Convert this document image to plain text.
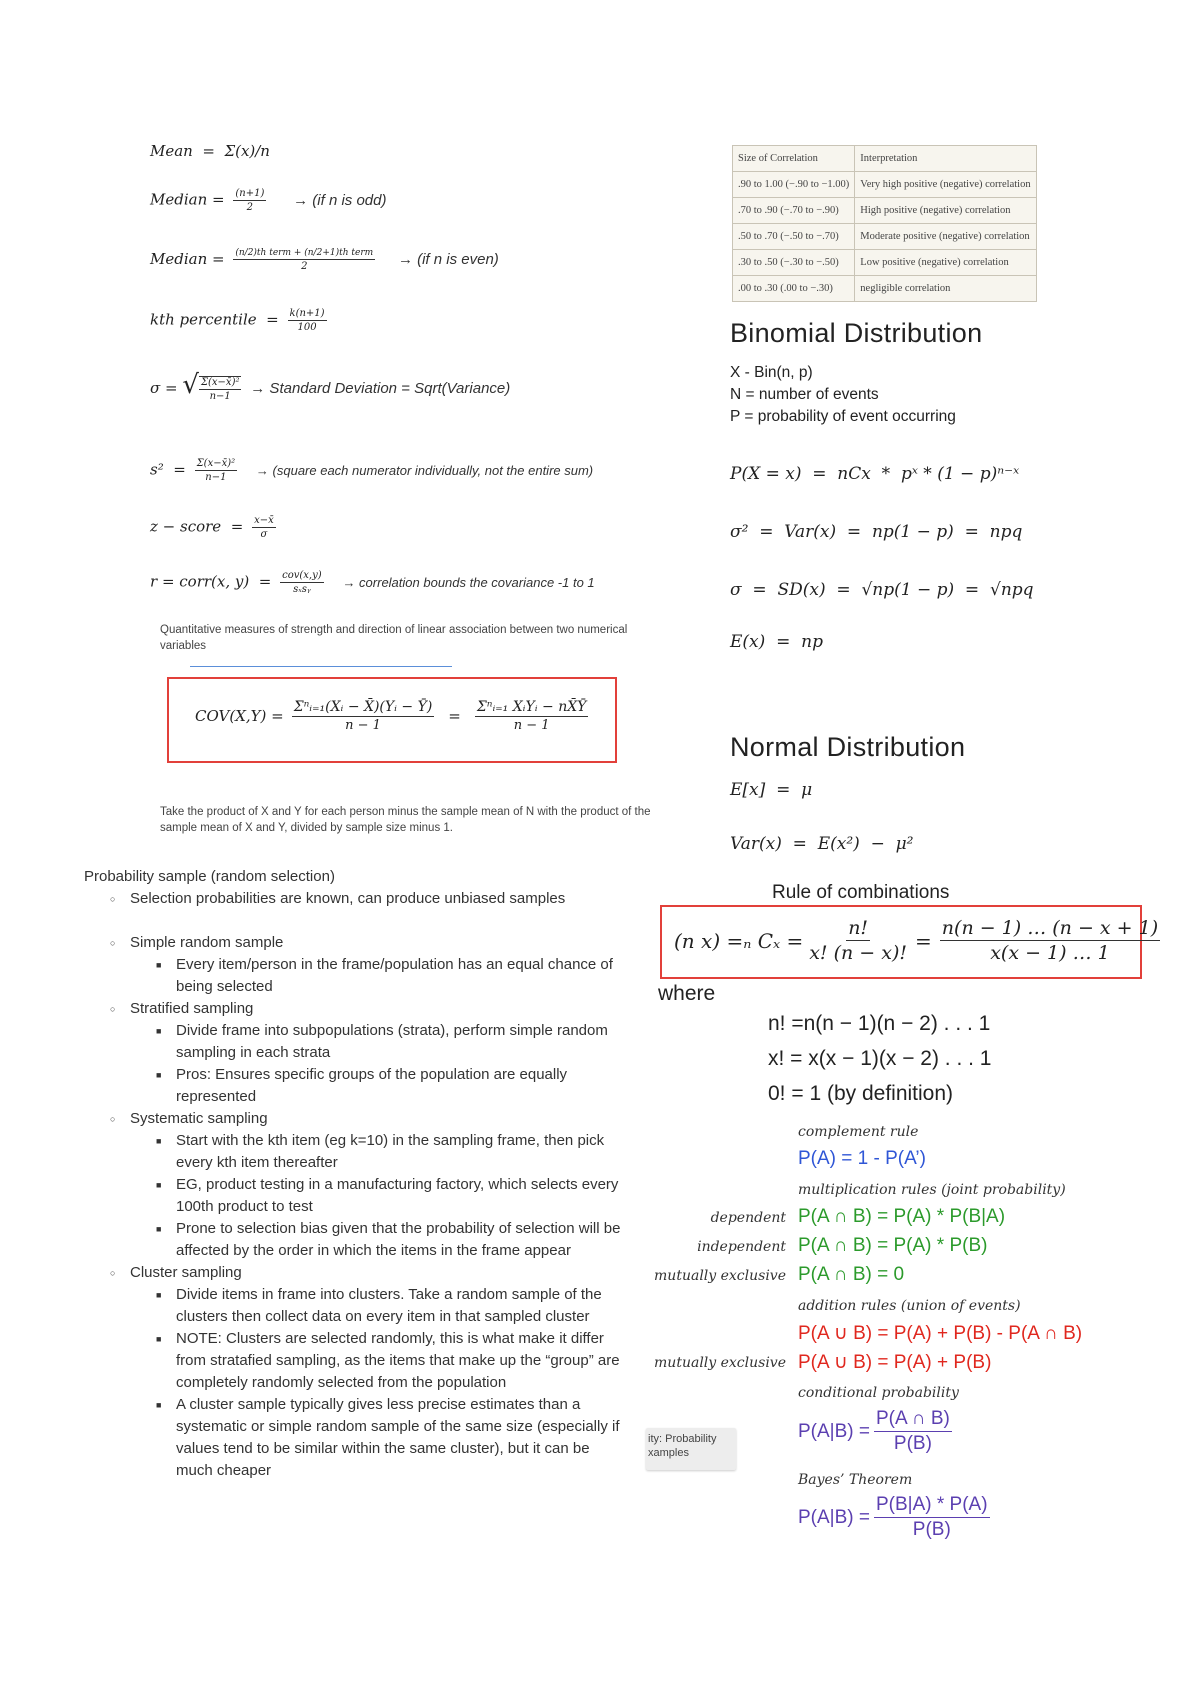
Mean  =  Σ(x)/n
Median = $\frac{(n+1)}{2} \to (if$ n is odd)
Median = $\frac{\text{(n/2)th term + (n/2+1)th term}}{2} \to (if$ n is even)
kth percentile  = $\frac{k(n+1)}{100}$
σ = √ $\frac{\text{Σ(x−x̄)²}}{n-1}$ → Standard Deviation = Sqrt(Variance)
$s^2 = \frac{\text{Σ(x−x̄)²}}{n-1}$ → (square each numerator individually, not the entire sum)
z − score  = $\frac{x-x̄}{\sigma}$
r = corr(x, $y) = \frac{\text{cov(x,y)}}{\text{sₓsᵧ}}$ → correlation bounds the covariance -1 to 1
Quantitative measures of strength and direction of linear association between two numerical variables
$COV(X,Y) = \frac{\text{Σⁿᵢ₌₁(Xᵢ − X̄)(Yᵢ − Ȳ)}}{n - 1} = \frac{\text{Σⁿᵢ₌₁ XᵢYᵢ − nX̄Ȳ}}{n - 1}$
Take the product of X and Y for each person minus the sample mean of N with the product of the sample mean of X and Y, divided by sample size minus 1.
Probability sample (random selection)
○ Selection probabilities are known, can produce unbiased samples
○ Simple random sample
■ Every item/person in the frame/population has an equal chance of being selected
○ Stratified sampling
■ Divide frame into subpopulations (strata), perform simple random sampling in each strata
■ Pros: Ensures specific groups of the population are equally represented
○ Systematic sampling
■ Start with the kth item (eg k=10) in the sampling frame, then pick every kth item thereafter
■ EG, product testing in a manufacturing factory, which selects every 100th product to test
■ Prone to selection bias given that the probability of selection will be affected by the order in which the items in the frame appear
○ Cluster sampling
■ Divide items in frame into clusters. Take a random sample of the clusters then collect data on every item in that sampled cluster
■ NOTE: Clusters are selected randomly, this is what make it differ from stratafied sampling, as the items that make up the “group” are completely randomly selected from the population
■ A cluster sample typically gives less precise estimates than a systematic or simple random sample of the same size (especially if values tend to be similar within the same cluster), but it can be much cheaper
ity: Probability
xamples
Size of Correlation	Interpretation
.90 to 1.00 (−.90 to −1.00)	Very high positive (negative) correlation
.70 to .90 (−.70 to −.90)	High positive (negative) correlation
.50 to .70 (−.50 to −.70)	Moderate positive (negative) correlation
.30 to .50 (−.30 to −.50)	Low positive (negative) correlation
.00 to .30 (.00 to −.30)	negligible correlation
Binomial Distribution
X - Bin(n, p)
N = number of events
P = probability of event occurring
P(X = x)  =  nCx  *  pˣ * (1 − p)ⁿ⁻ˣ
σ²  =  Var(x)  =  np(1 − p)  =  npq
σ  =  SD(x)  =  √np(1 − p)  =  √npq
E(x)  =  np
Normal Distribution
E[x]  =  μ
Var(x)  =  E(x²)  −  μ²
Rule of combinations
(n x) =ₙ $C_x = \frac{n!}{x! (n - x)!} = \frac{n(n - 1) \dots (n - x + 1)}{x(x - 1) \dots 1}$
where
n! =n(n − 1)(n − 2) . . . 1
x! = x(x − 1)(x − 2) . . . 1
0! = 1 (by definition)
complement rule
P(A) = 1 - P(A’)
multiplication rules (joint probability)
dependent P(A ∩ B) = P(A) * P(B|A)
independent P(A ∩ B) = P(A) * P(B)
mutually exclusive P(A ∩ B) = 0
addition rules (union of events)
P(A ∪ B) = P(A) + P(B) - P(A ∩ B)
mutually exclusive P(A ∪ B) = P(A) + P(B)
conditional probability
$P(A|B) = \frac{P(A \cap B)}{P(B)}$
Bayes’ Theorem
$P(A|B) = \frac{P(B|A) * P(A)}{P(B)}$
